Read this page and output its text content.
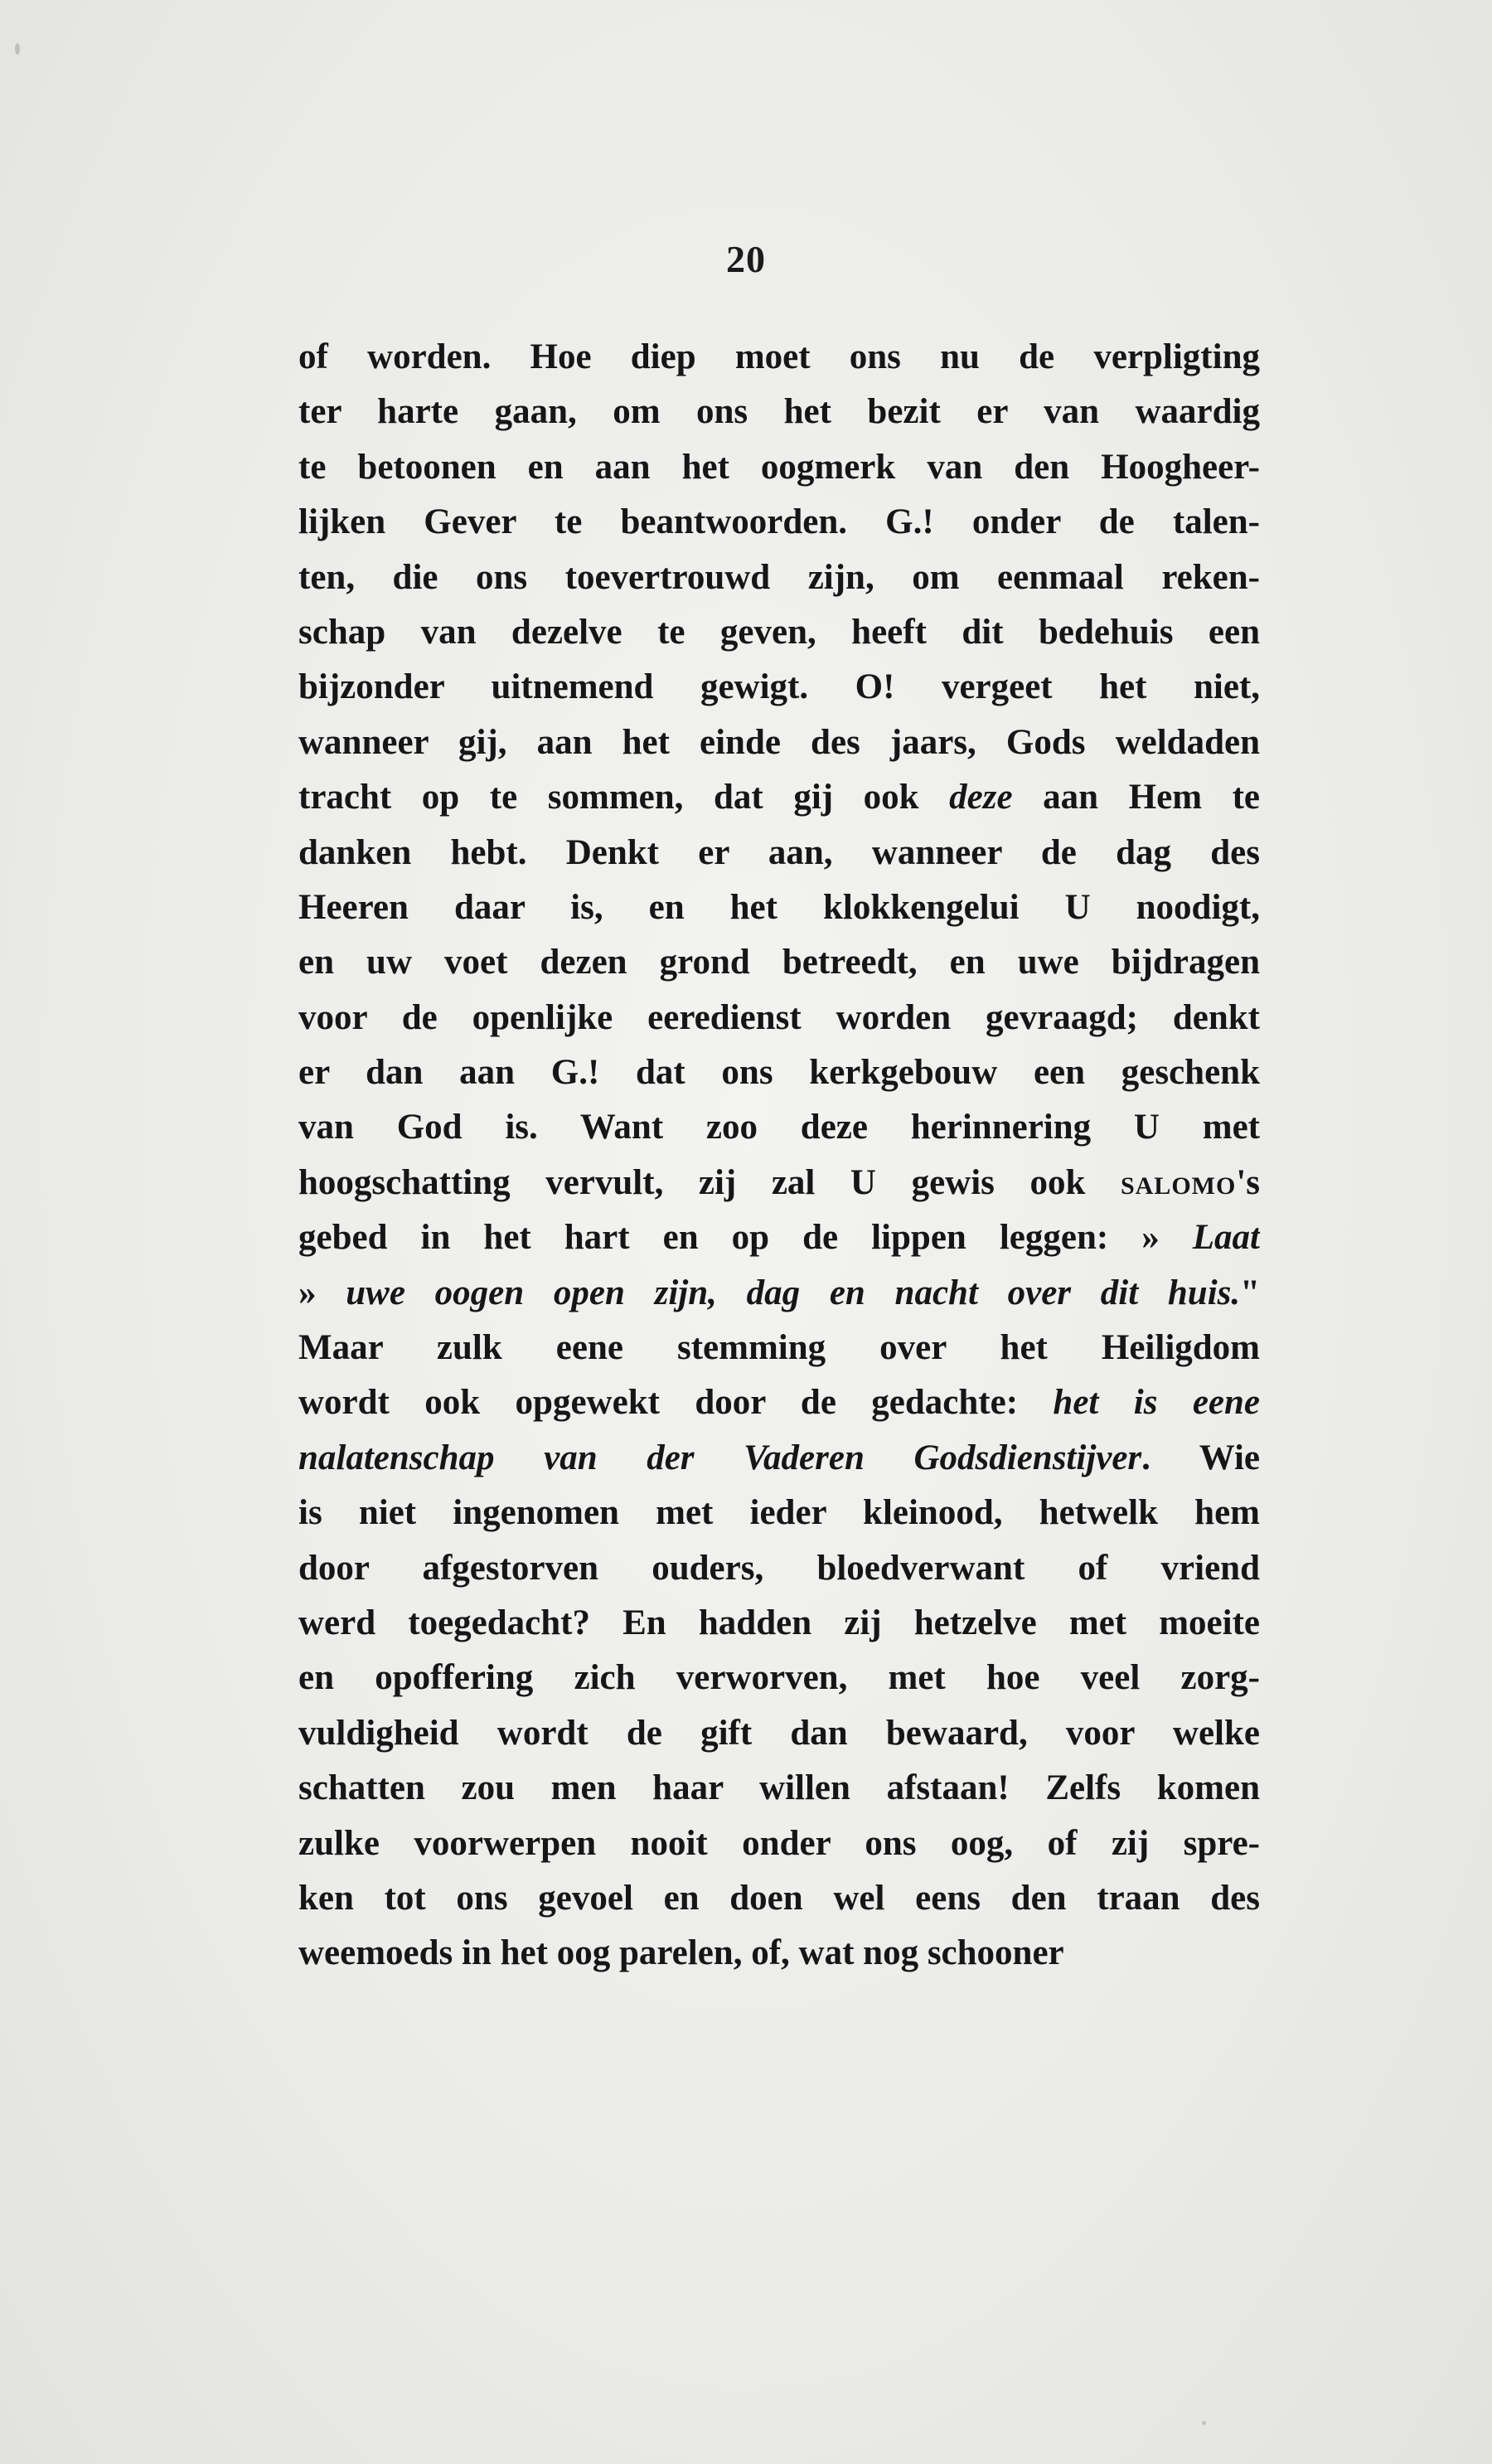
20
of worden. Hoe diep moet ons nu de verpligting
ter harte gaan, om ons het bezit er van waardig
te betoonen en aan het oogmerk van den Hoogheer-
lijken Gever te beantwoorden. G.! onder de talen-
ten, die ons toevertrouwd zijn, om eenmaal reken-
schap van dezelve te geven, heeft dit bedehuis een
bijzonder uitnemend gewigt. O! vergeet het niet,
wanneer gij, aan het einde des jaars, Gods weldaden
tracht op te sommen, dat gij ook deze aan Hem te
danken hebt. Denkt er aan, wanneer de dag des
Heeren daar is, en het klokkengelui U noodigt,
en uw voet dezen grond betreedt, en uwe bijdragen
voor de openlijke eeredienst worden gevraagd; denkt
er dan aan G.! dat ons kerkgebouw een geschenk
van God is. Want zoo deze herinnering U met
hoogschatting vervult, zij zal U gewis ook salomo's
gebed in het hart en op de lippen leggen: » Laat
» uwe oogen open zijn, dag en nacht over dit huis."
Maar zulk eene stemming over het Heiligdom
wordt ook opgewekt door de gedachte: het is eene
nalatenschap van der Vaderen Godsdienstijver. Wie
is niet ingenomen met ieder kleinood, hetwelk hem
door afgestorven ouders, bloedverwant of vriend
werd toegedacht? En hadden zij hetzelve met moeite
en opoffering zich verworven, met hoe veel zorg-
vuldigheid wordt de gift dan bewaard, voor welke
schatten zou men haar willen afstaan! Zelfs komen
zulke voorwerpen nooit onder ons oog, of zij spre-
ken tot ons gevoel en doen wel eens den traan des
weemoeds in het oog parelen, of, wat nog schooner
